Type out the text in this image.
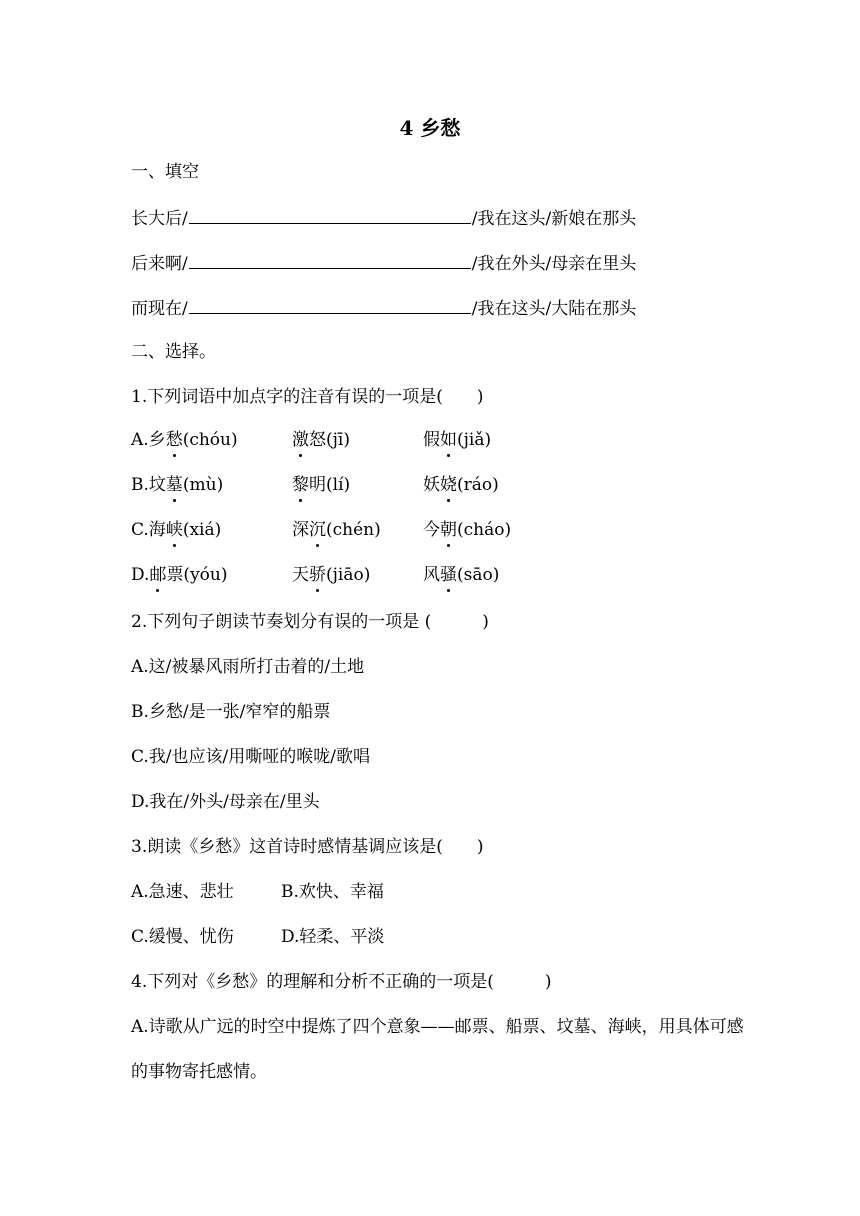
4 乡愁
一、填空
长大后/	/我在这头/新娘在那头
后来啊/	/我在外头/母亲在里头
而现在/	/我在这头/大陆在那头
二、选择。
1.下列词语中加点字的注音有误的一项是(　　)
A.乡愁(chóu)	激怒(jī)	假如(jiǎ)
B.坟墓(mù)	黎明(lí)	妖娆(ráo)
C.海峡(xiá)	深沉(chén) 今朝(cháo)
D.邮票(yóu)	天骄(jiāo)	风骚(sāo)
2.下列句子朗读节奏划分有误的一项是 (　　　)
A.这/被暴风雨所打击着的/土地
B.乡愁/是一张/窄窄的船票
C.我/也应该/用嘶哑的喉咙/歌唱
D.我在/外头/母亲在/里头
3.朗读《乡愁》这首诗时感情基调应该是(　　)
A.急速、悲壮	B.欢快、幸福
C.缓慢、忧伤	D.轻柔、平淡
4.下列对《乡愁》的理解和分析不正确的一项是(　　　)
A.诗歌从广远的时空中提炼了四个意象——邮票、船票、坟墓、海峡，用具体可感的事物寄托感情。
